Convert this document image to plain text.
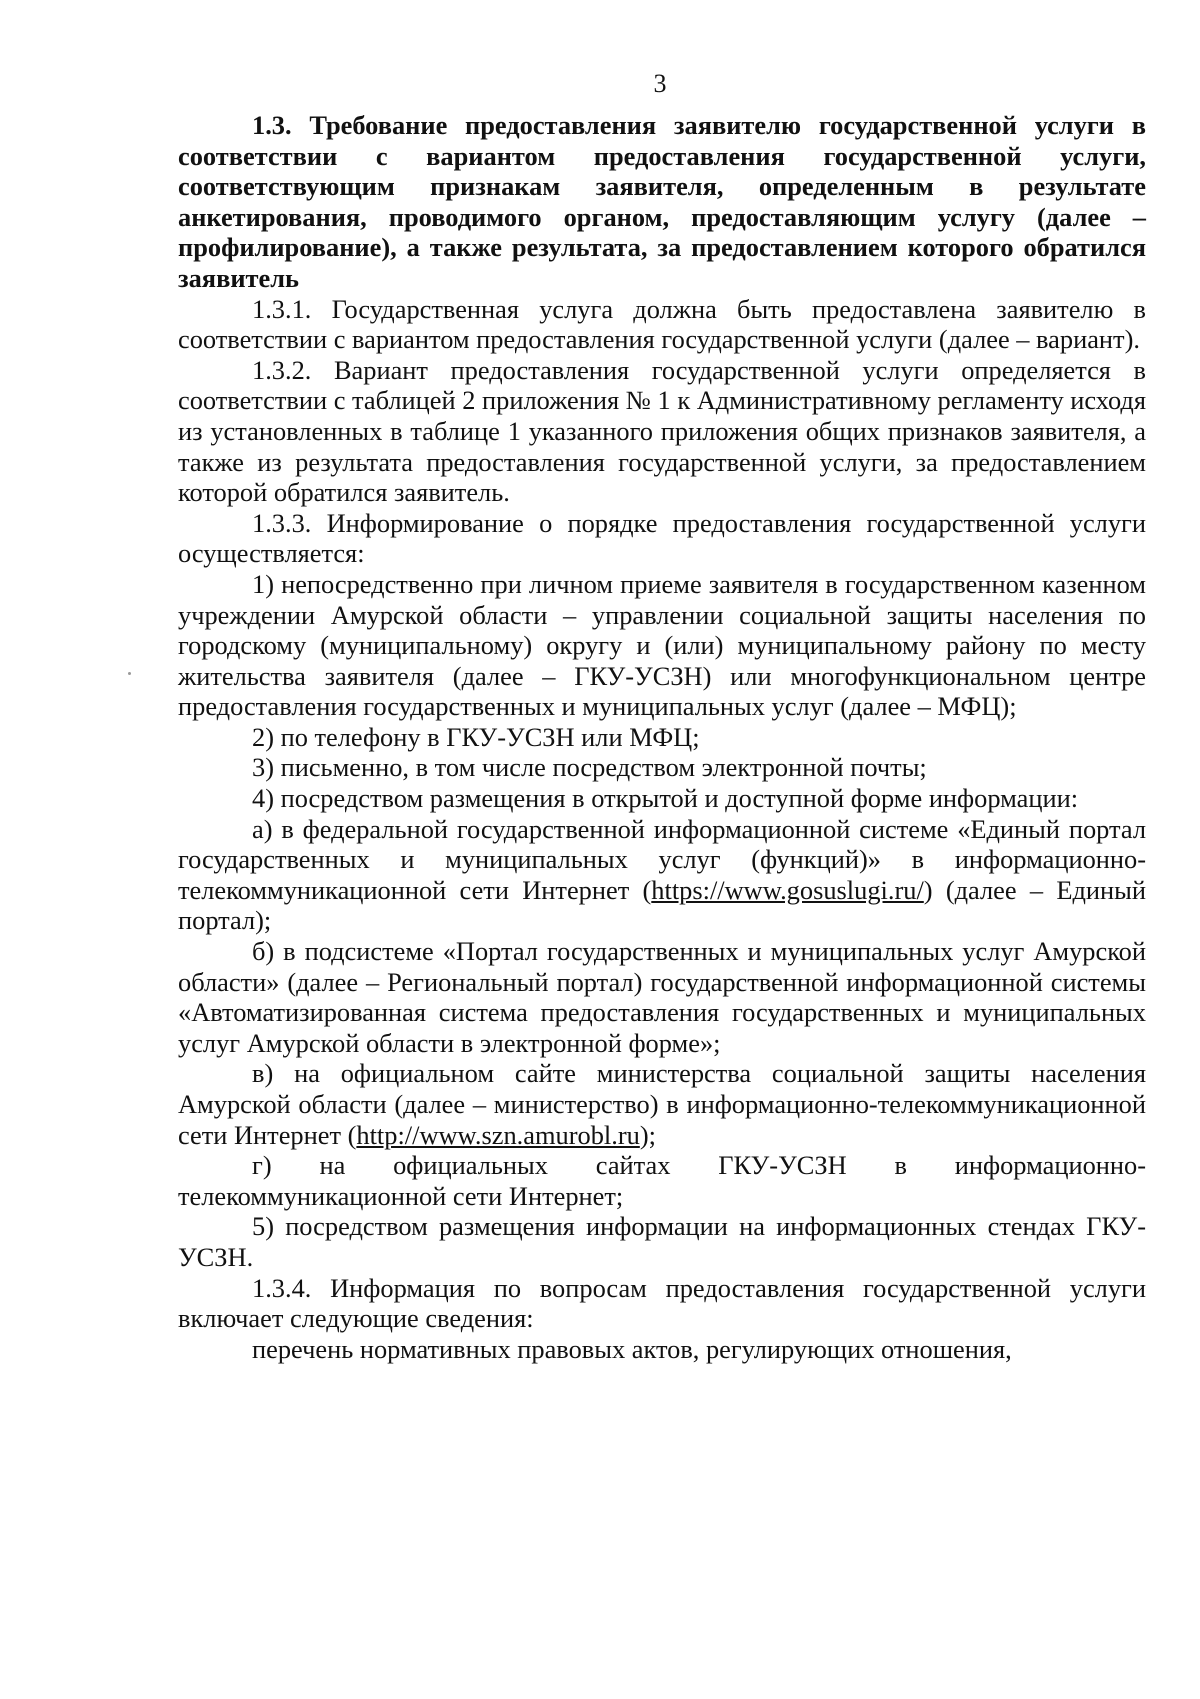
3

1.3. Требование предоставления заявителю государственной услуги в соответствии с вариантом предоставления государственной услуги, соответствующим признакам заявителя, определенным в результате анкетирования, проводимого органом, предоставляющим услугу (далее – профилирование), а также результата, за предоставлением которого обратился заявитель

1.3.1. Государственная услуга должна быть предоставлена заявителю в соответствии с вариантом предоставления государственной услуги (далее – вариант).

1.3.2. Вариант предоставления государственной услуги определяется в соответствии с таблицей 2 приложения № 1 к Административному регламенту исходя из установленных в таблице 1 указанного приложения общих признаков заявителя, а также из результата предоставления государственной услуги, за предоставлением которой обратился заявитель.

1.3.3. Информирование о порядке предоставления государственной услуги осуществляется:

1) непосредственно при личном приеме заявителя в государственном казенном учреждении Амурской области – управлении социальной защиты населения по городскому (муниципальному) округу и (или) муниципальному району по месту жительства заявителя (далее – ГКУ-УСЗН) или многофункциональном центре предоставления государственных и муниципальных услуг (далее – МФЦ);

2) по телефону в ГКУ-УСЗН или МФЦ;

3) письменно, в том числе посредством электронной почты;

4) посредством размещения в открытой и доступной форме информации:

а) в федеральной государственной информационной системе «Единый портал государственных и муниципальных услуг (функций)» в информационно-телекоммуникационной сети Интернет (https://www.gosuslugi.ru/) (далее – Единый портал);

б) в подсистеме «Портал государственных и муниципальных услуг Амурской области» (далее – Региональный портал) государственной информационной системы «Автоматизированная система предоставления государственных и муниципальных услуг Амурской области в электронной форме»;

в) на официальном сайте министерства социальной защиты населения Амурской области (далее – министерство) в информационно-телекоммуникационной сети Интернет (http://www.szn.amurobl.ru);

г) на официальных сайтах ГКУ-УСЗН в информационно-телекоммуникационной сети Интернет;

5) посредством размещения информации на информационных стендах ГКУ-УСЗН.

1.3.4. Информация по вопросам предоставления государственной услуги включает следующие сведения:

перечень нормативных правовых актов, регулирующих отношения,
